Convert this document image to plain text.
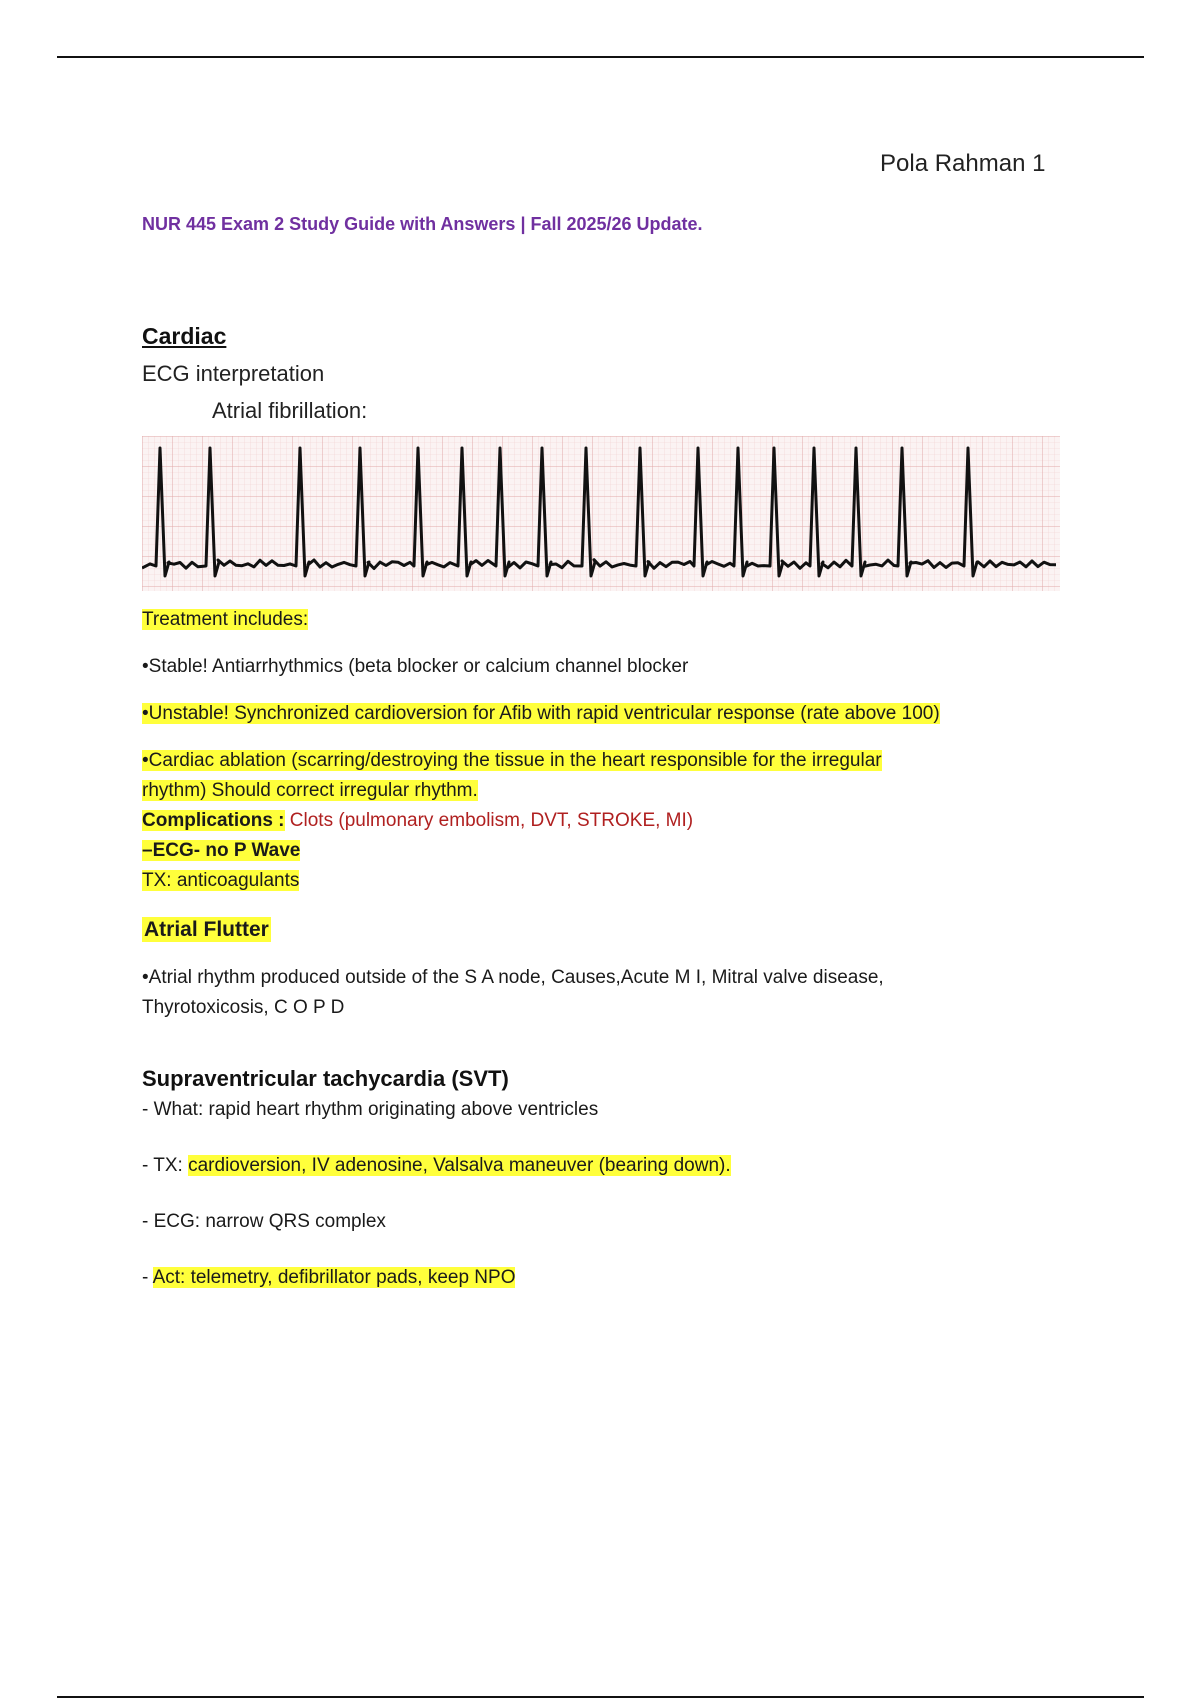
Pola Rahman 1
NUR 445 Exam 2 Study Guide with Answers | Fall 2025/26 Update.
Cardiac
ECG interpretation
Atrial fibrillation:
Treatment includes:
•Stable! Antiarrhythmics (beta blocker or calcium channel blocker
•Unstable! Synchronized cardioversion for Afib with rapid ventricular response (rate above 100)
•Cardiac ablation (scarring/destroying the tissue in the heart responsible for the irregular
rhythm) Should correct irregular rhythm.
Complications : Clots (pulmonary embolism, DVT, STROKE, MI)
–ECG- no P Wave
TX: anticoagulants
Atrial Flutter
•Atrial rhythm produced outside of the S A node, Causes,Acute M I, Mitral valve disease,
Thyrotoxicosis, C O P D
Supraventricular tachycardia (SVT)
- What: rapid heart rhythm originating above ventricles
- TX: cardioversion, IV adenosine, Valsalva maneuver (bearing down).
- ECG: narrow QRS complex
- Act: telemetry, defibrillator pads, keep NPO
